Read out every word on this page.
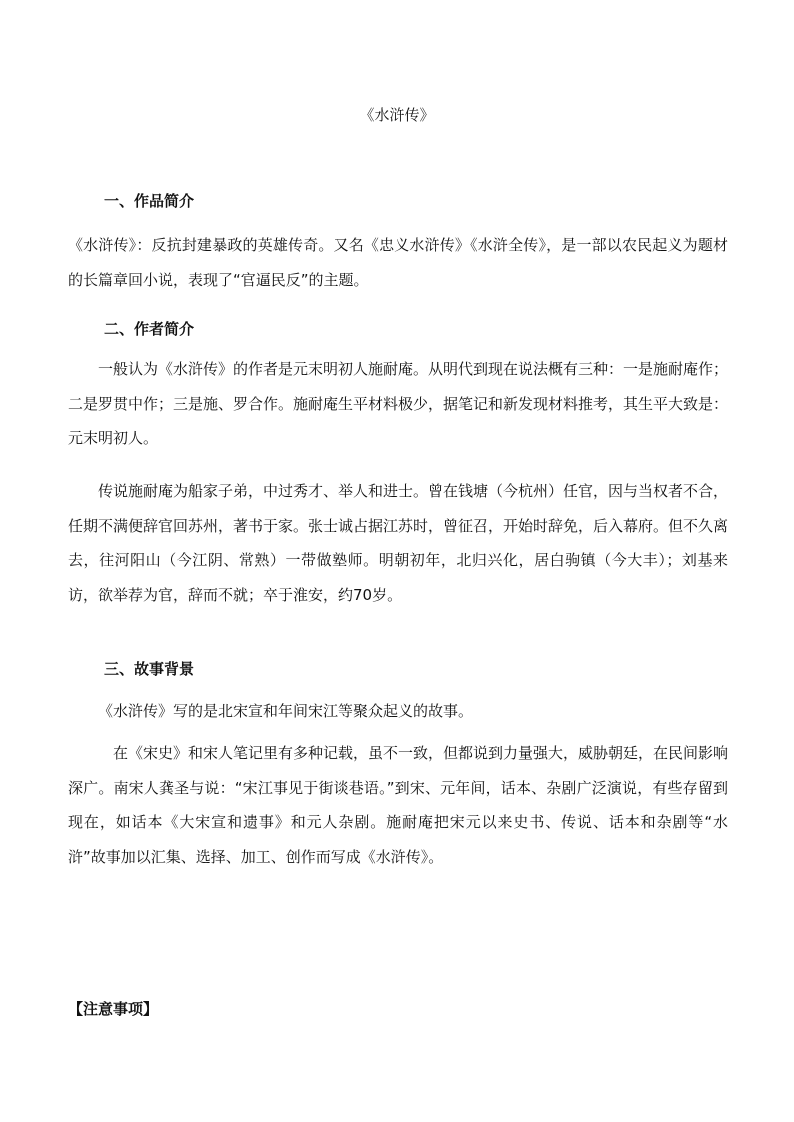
《水浒传》
一、作品简介

《水浒传》：反抗封建暴政的英雄传奇。又名《忠义水浒传》《水浒全传》，是一部以农民起义为题材的长篇章回小说，表现了“官逼民反”的主题。

二、作者简介

一般认为《水浒传》的作者是元末明初人施耐庵。从明代到现在说法概有三种：一是施耐庵作；二是罗贯中作；三是施、罗合作。施耐庵生平材料极少，据笔记和新发现材料推考，其生平大致是：元末明初人。

传说施耐庵为船家子弟，中过秀才、举人和进士。曾在钱塘（今杭州）任官，因与当权者不合，任期不满便辞官回苏州，著书于家。张士诚占据江苏时，曾征召，开始时辞免，后入幕府。但不久离去，往河阳山（今江阴、常熟）一带做塾师。明朝初年，北归兴化，居白驹镇（今大丰）；刘基来访，欲举荐为官，辞而不就；卒于淮安，约70岁。

三、故事背景

《水浒传》写的是北宋宣和年间宋江等聚众起义的故事。

在《宋史》和宋人笔记里有多种记载，虽不一致，但都说到力量强大，威胁朝廷，在民间影响深广。南宋人龚圣与说：“宋江事见于街谈巷语。”到宋、元年间，话本、杂剧广泛演说，有些存留到现在，如话本《大宋宣和遗事》和元人杂剧。施耐庵把宋元以来史书、传说、话本和杂剧等“水浒”故事加以汇集、选择、加工、创作而写成《水浒传》。

【注意事项】
